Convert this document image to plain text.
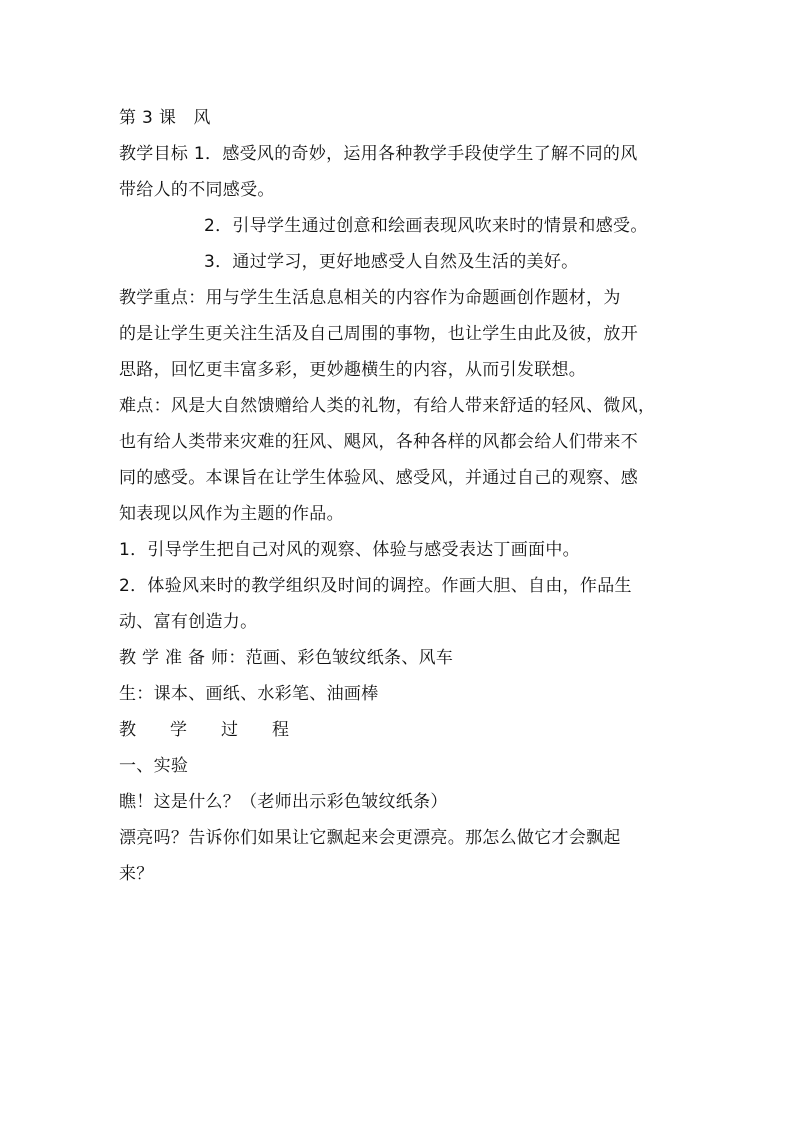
第 3 课　风

教学目标 1．感受风的奇妙，运用各种教学手段使学生了解不同的风

带给人的不同感受。

2．引导学生通过创意和绘画表现风吹来时的情景和感受。

3．通过学习，更好地感受人自然及生活的美好。

教学重点：用与学生生活息息相关的内容作为命题画创作题材，为

的是让学生更关注生活及自己周围的事物，也让学生由此及彼，放开

思路，回忆更丰富多彩，更妙趣横生的内容，从而引发联想。

难点：风是大自然馈赠给人类的礼物，有给人带来舒适的轻风、微风，

也有给人类带来灾难的狂风、飓风，各种各样的风都会给人们带来不

同的感受。本课旨在让学生体验风、感受风，并通过自己的观察、感

知表现以风作为主题的作品。

1．引导学生把自己对风的观察、体验与感受表达丁画面中。

2．体验风来时的教学组织及时间的调控。作画大胆、自由，作品生

动、富有创造力。

教 学 准 备 师：范画、彩色皱纹纸条、风车

生：课本、画纸、水彩笔、油画棒

教学过程

一、实验

瞧！这是什么？（老师出示彩色皱纹纸条）

漂亮吗？告诉你们如果让它飘起来会更漂亮。那怎么做它才会飘起

来？
